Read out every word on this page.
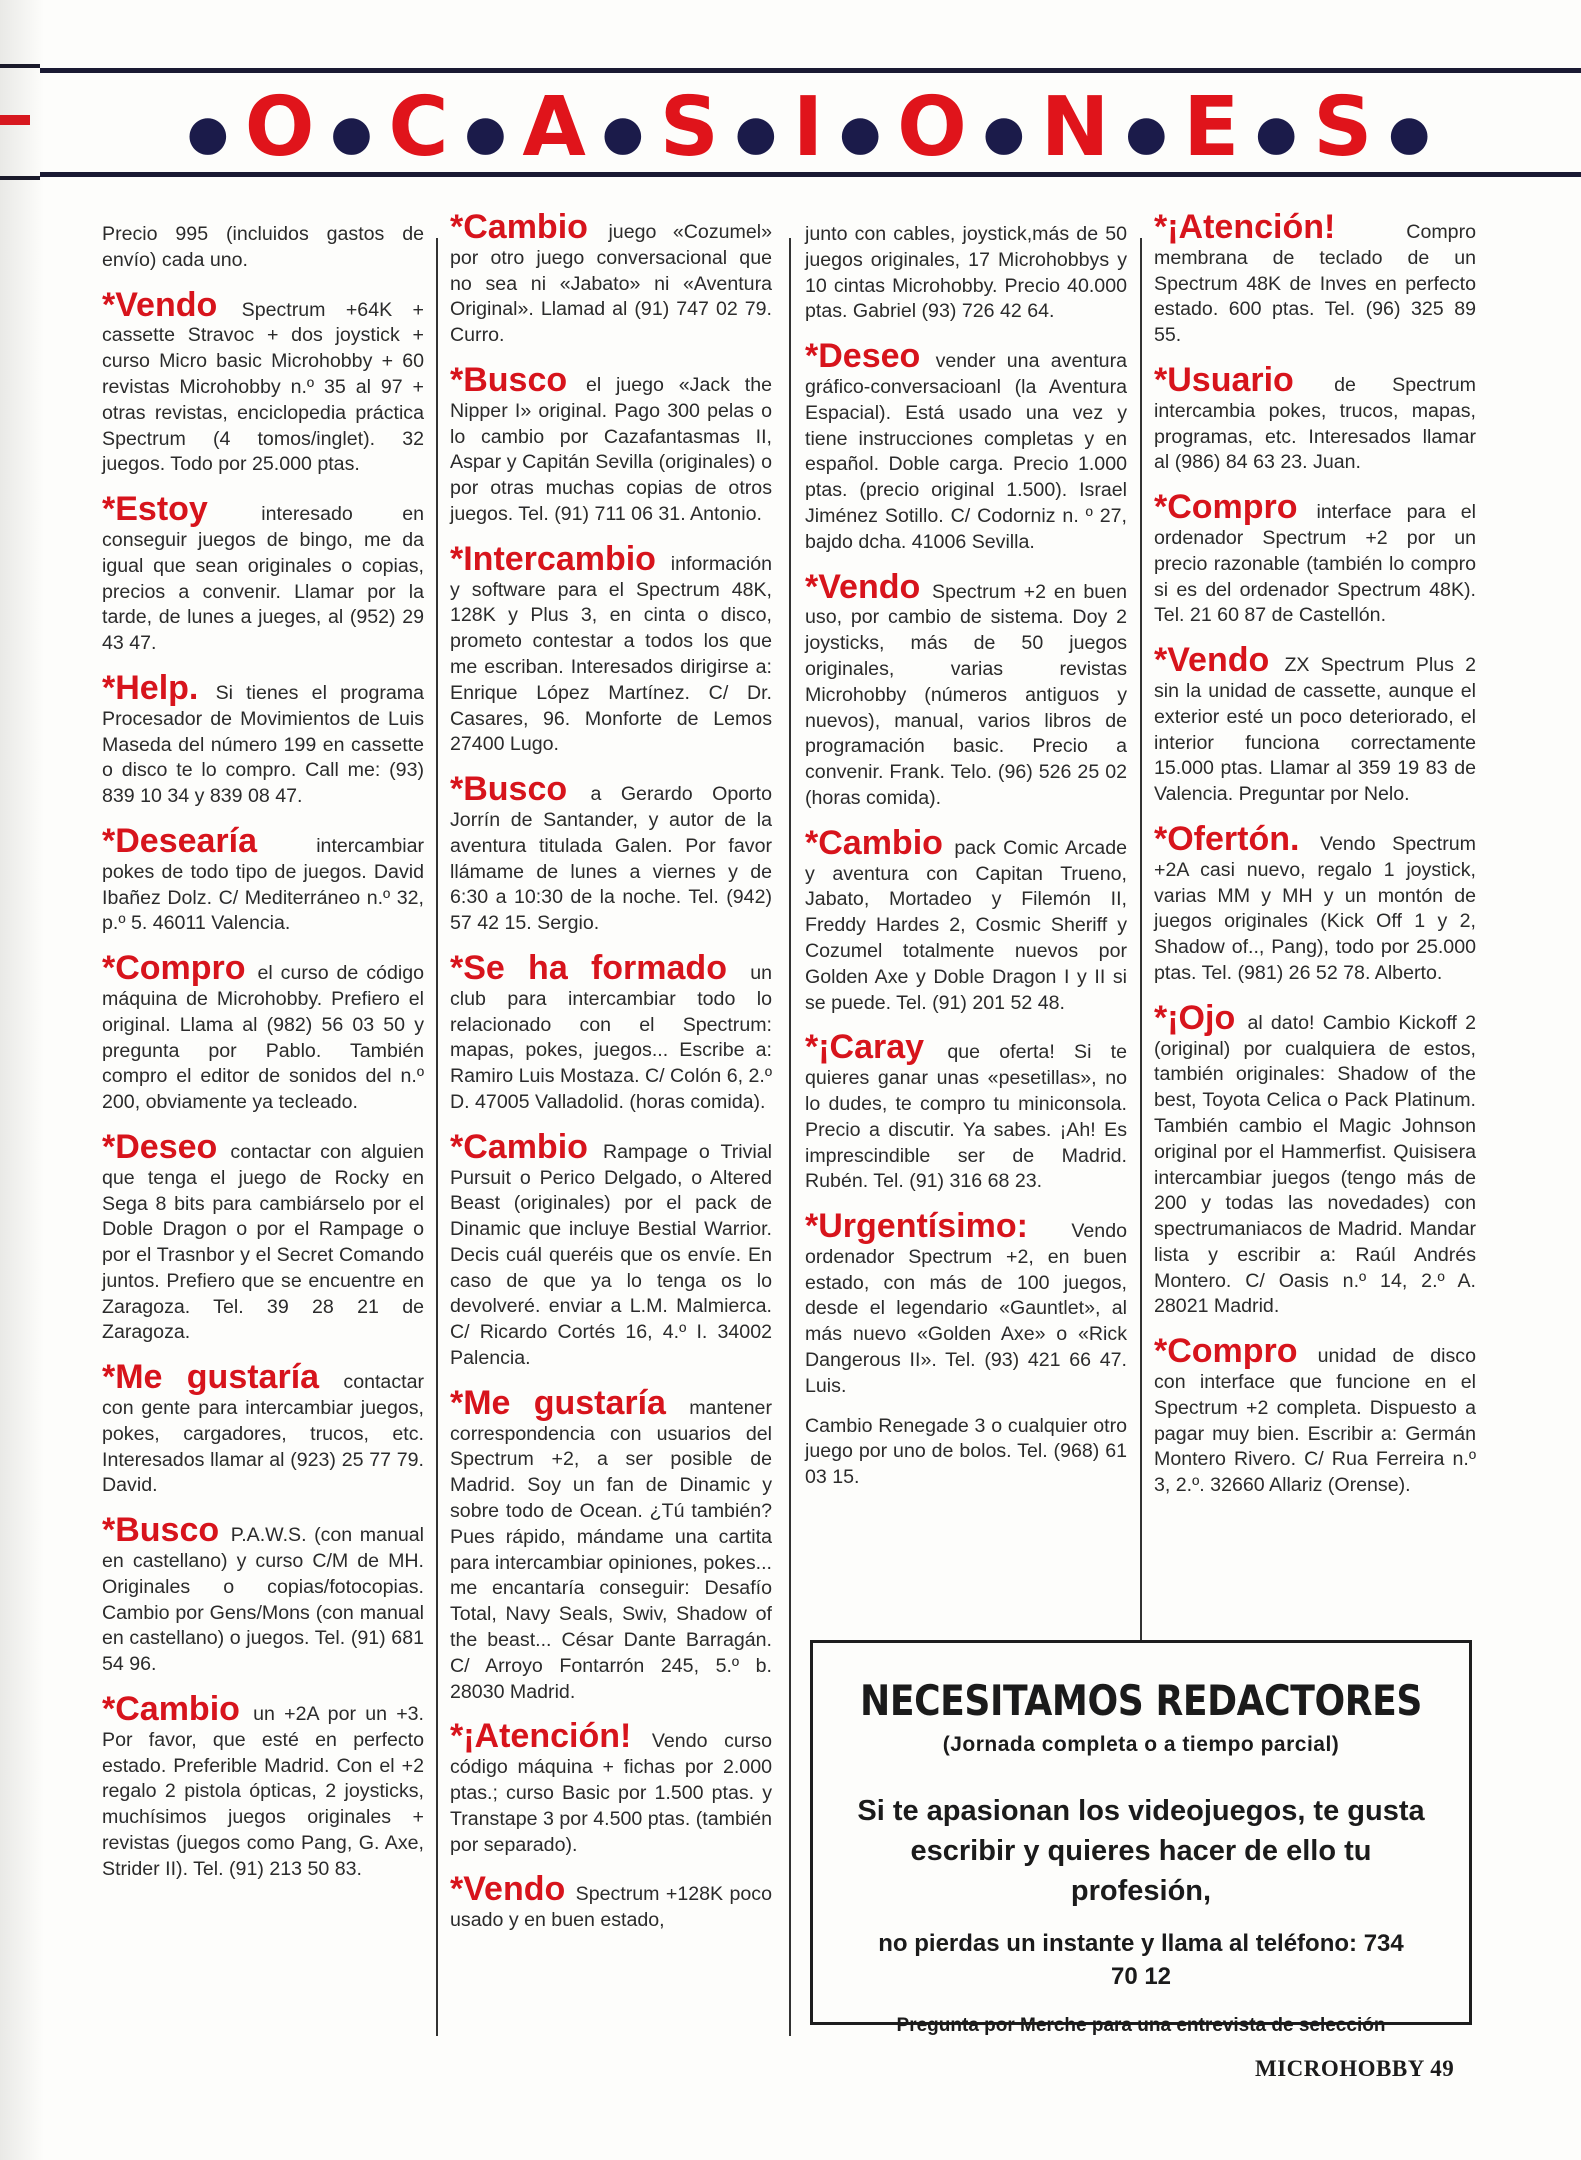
● O ● C ● A ● S ● I ● O ● N ● E ● S ●

Precio 995 (incluidos gastos de envío) cada uno.

*Vendo Spectrum +64K + cassette Stravoc + dos joystick + curso Micro basic Microhobby + 60 revistas Microhobby n.º 35 al 97 + otras revistas, enciclopedia práctica Spectrum (4 tomos/inglet). 32 juegos. Todo por 25.000 ptas.

*Estoy	interesado en conseguir juegos de bingo, me da igual que sean originales o copias, precios a convenir. Llamar por la tarde, de lunes a jueges, al (952) 29 43 47.

*Help. Si tienes el programa Procesador de Movimientos de Luis Maseda del número 199 en cassette o disco te lo compro. Call me: (93) 839 10 34 y 839 08 47.

*Desearía	intercambiar pokes de todo tipo de juegos. David Ibañez Dolz. C/ Mediterráneo n.º 32, p.º 5. 46011 Valencia.

*Compro el curso de código máquina de Microhobby. Prefiero el original. Llama al (982) 56 03 50 y pregunta por Pablo. También compro el editor de sonidos del n.º 200, obviamente ya tecleado.

*Deseo contactar con alguien que tenga el juego de Rocky en Sega 8 bits para cambiárselo por el Doble Dragon o por el Rampage o por el Trasnbor y el Secret Comando juntos. Prefiero que se encuentre en Zaragoza. Tel. 39 28 21 de Zaragoza.

*Me gustaría contactar con gente para intercambiar juegos, pokes, cargadores, trucos, etc. Interesados llamar al (923) 25 77 79. David.

*Busco P.A.W.S. (con manual en castellano) y curso C/M de MH. Originales o copias/fotocopias. Cambio por Gens/Mons (con manual en castellano) o juegos. Tel. (91) 681 54 96.

*Cambio un +2A por un +3. Por favor, que esté en perfecto estado. Preferible Madrid. Con el +2 regalo 2 pistola ópticas, 2 joysticks, muchísimos juegos originales + revistas (juegos como Pang, G. Axe, Strider II). Tel. (91) 213 50 83.

*Cambio juego «Cozumel» por otro juego conversacional que no sea ni «Jabato» ni «Aventura Original». Llamad al (91) 747 02 79. Curro.

*Busco el juego «Jack the Nipper I» original. Pago 300 pelas o lo cambio por Cazafantasmas II, Aspar y Capitán Sevilla (originales) o por otras muchas copias de otros juegos. Tel. (91) 711 06 31. Antonio.

*Intercambio información y software para el Spectrum 48K, 128K y Plus 3, en cinta o disco, prometo contestar a todos los que me escriban. Interesados dirigirse a: Enrique López Martínez. C/ Dr. Casares, 96. Monforte de Lemos 27400 Lugo.

*Busco a Gerardo Oporto Jorrín de Santander, y autor de la aventura titulada Galen. Por favor llámame de lunes a viernes y de 6:30 a 10:30 de la noche. Tel. (942) 57 42 15. Sergio.

*Se ha formado un club para intercambiar todo lo relacionado con el Spectrum: mapas, pokes, juegos... Escribe a: Ramiro Luis Mostaza. C/ Colón 6, 2.º D. 47005 Valladolid. (horas comida).

*Cambio Rampage o Trivial Pursuit o Perico Delgado, o Altered Beast (originales) por el pack de Dinamic que incluye Bestial Warrior. Decis cuál queréis que os envíe. En caso de que ya lo tenga os lo devolveré. enviar a L.M. Malmierca. C/ Ricardo Cortés 16, 4.º I. 34002 Palencia.

*Me gustaría mantener correspondencia con usuarios del Spectrum +2, a ser posible de Madrid. Soy un fan de Dinamic y sobre todo de Ocean. ¿Tú también? Pues rápido, mándame una cartita para intercambiar opiniones, pokes... me encantaría conseguir: Desafío Total, Navy Seals, Swiv, Shadow of the beast... César Dante Barragán. C/ Arroyo Fontarrón 245, 5.º b. 28030 Madrid.

*¡Atención! Vendo curso código máquina + fichas por 2.000 ptas.; curso Basic por 1.500 ptas. y Transtape 3 por 4.500 ptas. (también por separado).

*Vendo Spectrum +128K poco usado y en buen estado,

junto con cables, joystick,más de 50 juegos originales, 17 Microhobbys y 10 cintas Microhobby. Precio 40.000 ptas. Gabriel (93) 726 42 64.

*Deseo vender una aventura gráfico-conversacioanl (la Aventura Espacial). Está usado una vez y tiene instrucciones completas y en español. Doble carga. Precio 1.000 ptas. (precio original 1.500). Israel Jiménez Sotillo. C/ Codorniz n. º 27, bajdo dcha. 41006 Sevilla.

*Vendo Spectrum +2 en buen uso, por cambio de sistema. Doy 2 joysticks, más de 50 juegos originales, varias revistas Microhobby (números antiguos y nuevos), manual, varios libros de programación basic. Precio a convenir. Frank. Telo. (96) 526 25 02 (horas comida).

*Cambio pack Comic Arcade y aventura con Capitan Trueno, Jabato, Mortadeo y Filemón II, Freddy Hardes 2, Cosmic Sheriff y Cozumel totalmente nuevos por Golden Axe y Doble Dragon I y II si se puede. Tel. (91) 201 52 48.

*¡Caray que oferta! Si te quieres ganar unas «pesetillas», no lo dudes, te compro tu miniconsola. Precio a discutir. Ya sabes. ¡Ah! Es imprescindible ser de Madrid. Rubén. Tel. (91) 316 68 23.

*Urgentísimo: Vendo ordenador Spectrum +2, en buen estado, con más de 100 juegos, desde el legendario «Gauntlet», al más nuevo «Golden Axe» o «Rick Dangerous II». Tel. (93) 421 66 47. Luis.

Cambio Renegade 3 o cualquier otro juego por uno de bolos. Tel. (968) 61 03 15.

*¡Atención!	Compro membrana de teclado de un Spectrum 48K de Inves en perfecto estado. 600 ptas. Tel. (96) 325 89 55.

*Usuario de Spectrum intercambia pokes, trucos, mapas, programas, etc. Interesados llamar al (986) 84 63 23. Juan.

*Compro interface para el ordenador Spectrum +2 por un precio razonable (también lo compro si es del ordenador Spectrum 48K). Tel. 21 60 87 de Castellón.

*Vendo ZX Spectrum Plus 2 sin la unidad de cassette, aunque el exterior esté un poco deteriorado, el interior funciona correctamente 15.000 ptas. Llamar al 359 19 83 de Valencia. Preguntar por Nelo.

*Ofertón. Vendo Spectrum +2A casi nuevo, regalo 1 joystick, varias MM y MH y un montón de juegos originales (Kick Off 1 y 2, Shadow of.., Pang), todo por 25.000 ptas. Tel. (981) 26 52 78. Alberto.

*¡Ojo al dato! Cambio Kickoff 2 (original) por cualquiera de estos, también originales: Shadow of the best, Toyota Celica o Pack Platinum. También cambio el Magic Johnson original por el Hammerfist. Quisisera intercambiar juegos (tengo más de 200 y todas las novedades) con spectrumaniacos de Madrid. Mandar lista y escribir a: Raúl Andrés Montero. C/ Oasis n.º 14, 2.º A. 28021 Madrid.

*Compro unidad de disco con interface que funcione en el Spectrum +2 completa. Dispuesto a pagar muy bien. Escribir a: Germán Montero Rivero. C/ Rua Ferreira n.º 3, 2.º. 32660 Allariz (Orense).

NECESITAMOS REDACTORES
(Jornada completa o a tiempo parcial)
Si te apasionan los videojuegos, te gusta escribir y quieres hacer de ello tu profesión,
no pierdas un instante y llama al teléfono: 734 70 12
Pregunta por Merche para una entrevista de selección
MICROHOBBY 49
